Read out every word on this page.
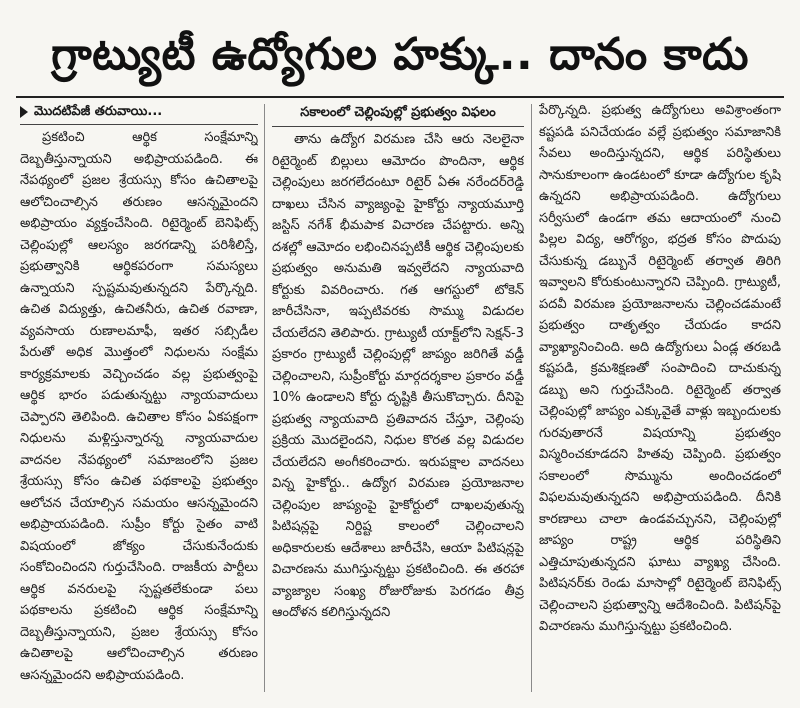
గ్రాట్యుటీ ఉద్యోగుల హక్కు.. దానం కాదు
మొదటిపేజీ తరువాయి...

ప్రకటించి ఆర్థిక సంక్షేమాన్ని దెబ్బతీస్తున్నాయని అభిప్రాయపడింది. ఈ నేపథ్యంలో ప్రజల శ్రేయస్సు కోసం ఉచితాలపై ఆలోచించాల్సిన తరుణం ఆసన్నమైందని అభిప్రాయం వ్యక్తంచేసింది. రిటైర్మెంట్ బెనిఫిట్స్ చెల్లింపుల్లో ఆలస్యం జరగడాన్ని పరిశీలిస్తే, ప్రభుత్వానికి ఆర్థికపరంగా సమస్యలు ఉన్నాయని స్పష్టమవుతున్నదని పేర్కొన్నది. ఉచిత విద్యుత్తు, ఉచితనీరు, ఉచిత రవాణా, వ్యవసాయ రుణాలమాఫీ, ఇతర సబ్సిడీల పేరుతో అధిక మొత్తంలో నిధులను సంక్షేమ కార్యక్రమాలకు వెచ్చించడం వల్ల ప్రభుత్వంపై ఆర్థిక భారం పడుతున్నట్టు న్యాయవాదులు చెప్పారని తెలిపింది. ఉచితాల కోసం ఏకపక్షంగా నిధులను మళ్లిస్తున్నారన్న న్యాయవాదుల వాదనల నేపథ్యంలో సమాజంలోని ప్రజల శ్రేయస్సు కోసం ఉచిత పథకాలపై ప్రభుత్వం ఆలోచన చేయాల్సిన సమయం ఆసన్నమైందని అభిప్రాయపడింది. సుప్రీం కోర్టు సైతం వాటి విషయంలో జోక్యం చేసుకునేందుకు సంకోచించిందని గుర్తుచేసింది. రాజకీయ పార్టీలు ఆర్థిక వనరులపై స్పష్టతలేకుండా పలు పథకాలను ప్రకటించి ఆర్థిక సంక్షేమాన్ని దెబ్బతీస్తున్నాయని, ప్రజల శ్రేయస్సు కోసం ఉచితాలపై ఆలోచించాల్సిన తరుణం ఆసన్నమైందని అభిప్రాయపడింది.

సకాలంలో చెల్లింపుల్లో ప్రభుత్వం విఫలం

తాను ఉద్యోగ విరమణ చేసి ఆరు నెలలైనా రిటైర్మెంట్ బిల్లులు ఆమోదం పొందినా, ఆర్థిక చెల్లింపులు జరగలేదంటూ రిటైర్ ఏఈ నరేందర్‌రెడ్డి దాఖలు చేసిన వ్యాజ్యంపై హైకోర్టు న్యాయమూర్తి జస్టిస్ నగేశ్ భీమపాక విచారణ చేపట్టారు. అన్ని దశల్లో ఆమోదం లభించినప్పటికీ ఆర్థిక చెల్లింపులకు ప్రభుత్వం అనుమతి ఇవ్వలేదని న్యాయవాది కోర్టుకు వివరించారు. గత ఆగస్టులో టోకెన్ జారీచేసినా, ఇప్పటివరకు సొమ్ము విడుదల చేయలేదని తెలిపారు. గ్రాట్యుటీ యాక్ట్‌లోని సెక్షన్-3 ప్రకారం గ్రాట్యుటీ చెల్లింపుల్లో జాప్యం జరిగితే వడ్డీ చెల్లించాలని, సుప్రీంకోర్టు మార్గదర్శకాల ప్రకారం వడ్డీ 10% ఉండాలని కోర్టు దృష్టికి తీసుకొచ్చారు. దీనిపై ప్రభుత్వ న్యాయవాది ప్రతివాదన చేస్తూ, చెల్లింపు ప్రక్రియ మొదలైందని, నిధుల కొరత వల్ల విడుదల చేయలేదని అంగీకరించారు. ఇరుపక్షాల వాదనలు విన్న హైకోర్టు.. ఉద్యోగ విరమణ ప్రయోజనాల చెల్లింపుల జాప్యంపై హైకోర్టులో దాఖలవుతున్న పిటిషన్లపై నిర్దిష్ట కాలంలో చెల్లించాలని అధికారులకు ఆదేశాలు జారీచేసి, ఆయా పిటిషన్లపై విచారణను ముగిస్తున్నట్టు ప్రకటించింది. ఈ తరహా వ్యాజ్యాల సంఖ్య రోజురోజుకు పెరగడం తీవ్ర ఆందోళన కలిగిస్తున్నదని

పేర్కొన్నది. ప్రభుత్వ ఉద్యోగులు అవిశ్రాంతంగా కష్టపడి పనిచేయడం వల్లే ప్రభుత్వం సమాజానికి సేవలు అందిస్తున్నదని, ఆర్థిక పరిస్థితులు సానుకూలంగా ఉండటంలో కూడా ఉద్యోగుల కృషి ఉన్నదని అభిప్రాయపడింది. ఉద్యోగులు సర్వీసులో ఉండగా తమ ఆదాయంలో నుంచి పిల్లల విద్య, ఆరోగ్యం, భద్రత కోసం పొదుపు చేసుకున్న డబ్బునే రిటైర్మెంట్ తర్వాత తిరిగి ఇవ్వాలని కోరుకుంటున్నారని చెప్పింది. గ్రాట్యుటీ, పదవీ విరమణ ప్రయోజనాలను చెల్లించడమంటే ప్రభుత్వం దాతృత్వం చేయడం కాదని వ్యాఖ్యానించింది. అది ఉద్యోగులు ఏండ్ల తరబడి కష్టపడి, క్రమశిక్షణతో సంపాదించి దాచుకున్న డబ్బు అని గుర్తుచేసింది. రిటైర్మెంట్ తర్వాత చెల్లింపుల్లో జాప్యం ఎక్కువైతే వాళ్లు ఇబ్బందులకు గురవుతారనే విషయాన్ని ప్రభుత్వం విస్మరించకూడదని హితవు చెప్పింది. ప్రభుత్వం సకాలంలో సొమ్మును అందించడంలో విఫలమవుతున్నదని అభిప్రాయపడింది. దీనికి కారణాలు చాలా ఉండవచ్చునని, చెల్లింపుల్లో జాప్యం రాష్ట్ర ఆర్థిక పరిస్థితిని ఎత్తిచూపుతున్నదని ఘాటు వ్యాఖ్య చేసింది. పిటిషనర్‌కు రెండు మాసాల్లో రిటైర్మెంట్ బెనిఫిట్స్ చెల్లించాలని ప్రభుత్వాన్ని ఆదేశించింది. పిటిషన్‌పై విచారణను ముగిస్తున్నట్టు ప్రకటించింది.
